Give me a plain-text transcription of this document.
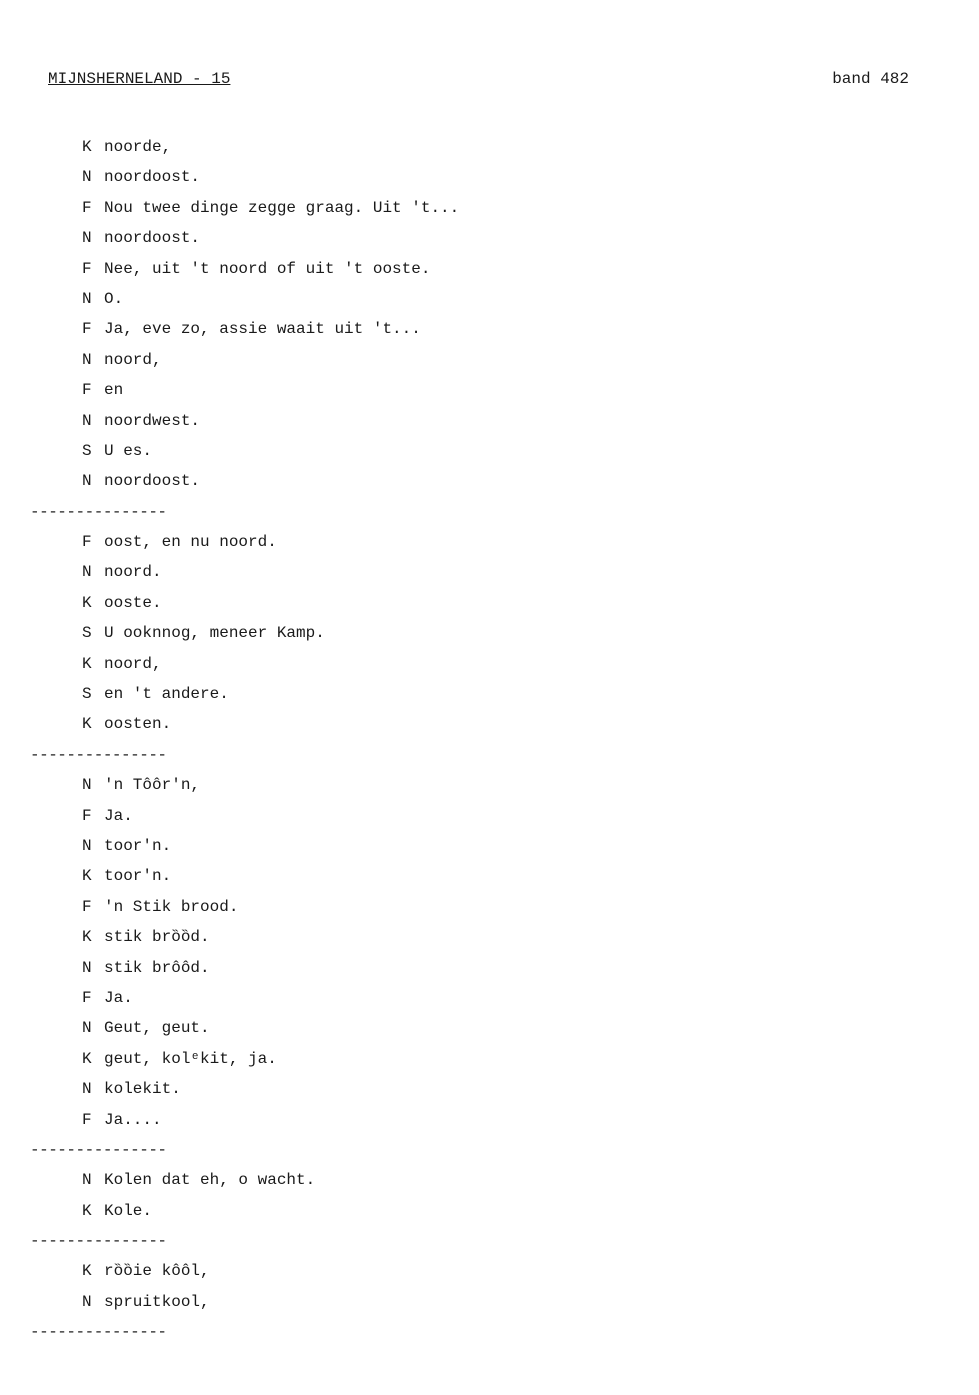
MIJNSHERNELAND - 15	band 482
K noorde,
N noordoost.
F Nou twee dinge zegge graag. Uit 't...
N noordoost.
F Nee, uit 't noord of uit 't ooste.
N O.
F Ja, eve zo, assie waait uit 't...
N noord,
F en
N noordwest.
S U es.
N noordoost.
---------------
F oost, en nu noord.
N noord.
K ooste.
S U ooknnog, meneer Kamp.
K noord,
S en 't andere.
K oosten.
---------------
N 'n Tôôr'n,
F Ja.
N toor'n.
K toor'n.
F 'n Stik brood.
K stik brȍȍd.
N stik brôôd.
F Ja.
N Geut, geut.
K geut, kolᵉkit, ja.
N kolekit.
F Ja....
---------------
N Kolen dat eh, o wacht.
K Kole.
---------------
K rȍȍie kôôl,
N spruitkool,
---------------
